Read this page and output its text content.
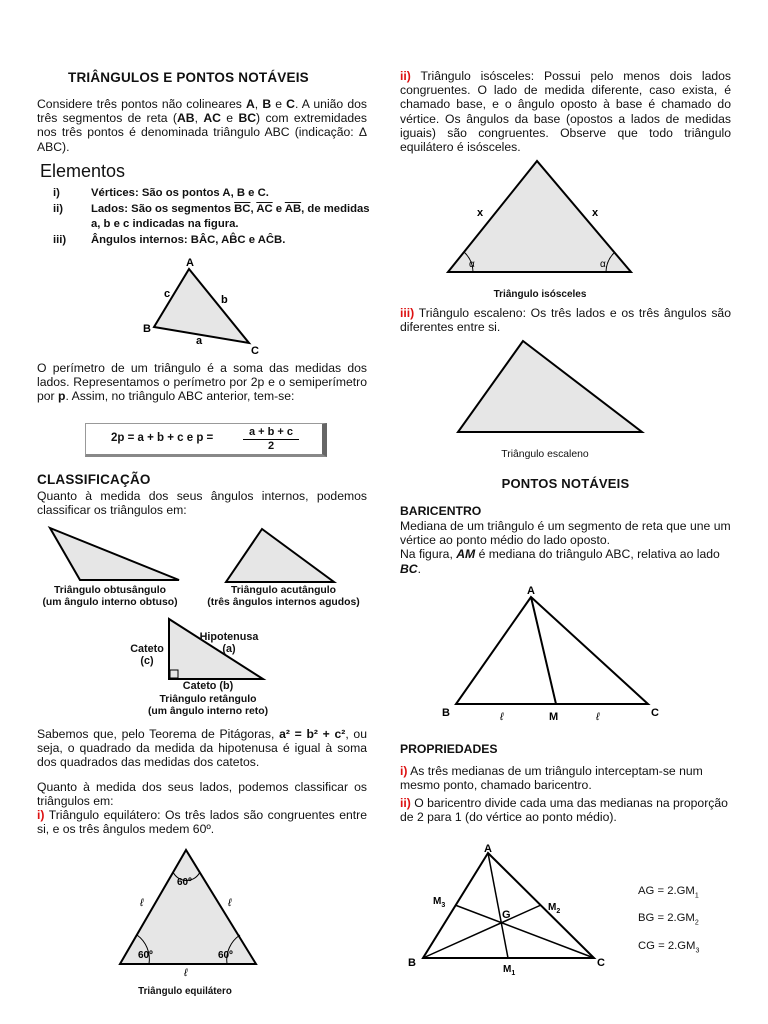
TRIÂNGULOS E PONTOS NOTÁVEIS

Considere três pontos não colineares A, B e C. A união dos três segmentos de reta (AB, AC e BC) com extremidades nos três pontos é denominada triângulo ABC (indicação: Δ ABC).

Elementos
i)	Vértices: São os pontos A, B e C.
ii) Lados: São os segmentos $\overline{BC}$, $\overline{AC}$ e $\overline{AB}$, de medidas a, b e c indicadas na figura.
iii) Ângulos internos: BÂC, AB̂C e AĈB.
A
B
C
a
b
c

O perímetro de um triângulo é a soma das medidas dos lados. Representamos o perímetro por 2p e o semiperímetro por p. Assim, no triângulo ABC anterior, tem-se:

2p = a + b + c e p =	a + b + c
2
CLASSIFICAÇÃO

Quanto à medida dos seus ângulos internos, podemos classificar os triângulos em:

Triângulo obtusângulo
(um ângulo interno obtuso)
Triângulo acutângulo
(três ângulos internos agudos)
Cateto
(c)
Hipotenusa
(a)
Cateto (b)
Triângulo retângulo
(um ângulo interno reto)

Sabemos que, pelo Teorema de Pitágoras, a² = b² + c², ou seja, o quadrado da medida da hipotenusa é igual à soma dos quadrados das medidas dos catetos.

Quanto à medida dos seus lados, podemos classificar os triângulos em:

i) Triângulo equilátero: Os três lados são congruentes entre si, e os três ângulos medem 60º.

60º
60º	60º
ℓ	ℓ
ℓ
Triângulo equilátero

ii) Triângulo isósceles: Possui pelo menos dois lados congruentes. O lado de medida diferente, caso exista, é chamado base, e o ângulo oposto à base é chamado do vértice. Os ângulos da base (opostos a lados de medidas iguais) são congruentes. Observe que todo triângulo equilátero é isósceles.

x	x
α	α
Triângulo isósceles

iii) Triângulo escaleno: Os três lados e os três ângulos são diferentes entre si.

Triângulo escaleno
PONTOS NOTÁVEIS
BARICENTRO

Mediana de um triângulo é um segmento de reta que une um vértice ao ponto médio do lado oposto.
Na figura, AM é mediana do triângulo ABC, relativa ao lado BC.

A
B	C
M
ℓ	ℓ
PROPRIEDADES

i) As três medianas de um triângulo interceptam-se num mesmo ponto, chamado baricentro.

ii) O baricentro divide cada uma das medianas na proporção de 2 para 1 (do vértice ao ponto médio).

A
B	C
G
$M_1$
$M_2$
$M_3$
AG = $2.GM_1$
BG = $2.GM_2$
CG = $2.GM_3$
